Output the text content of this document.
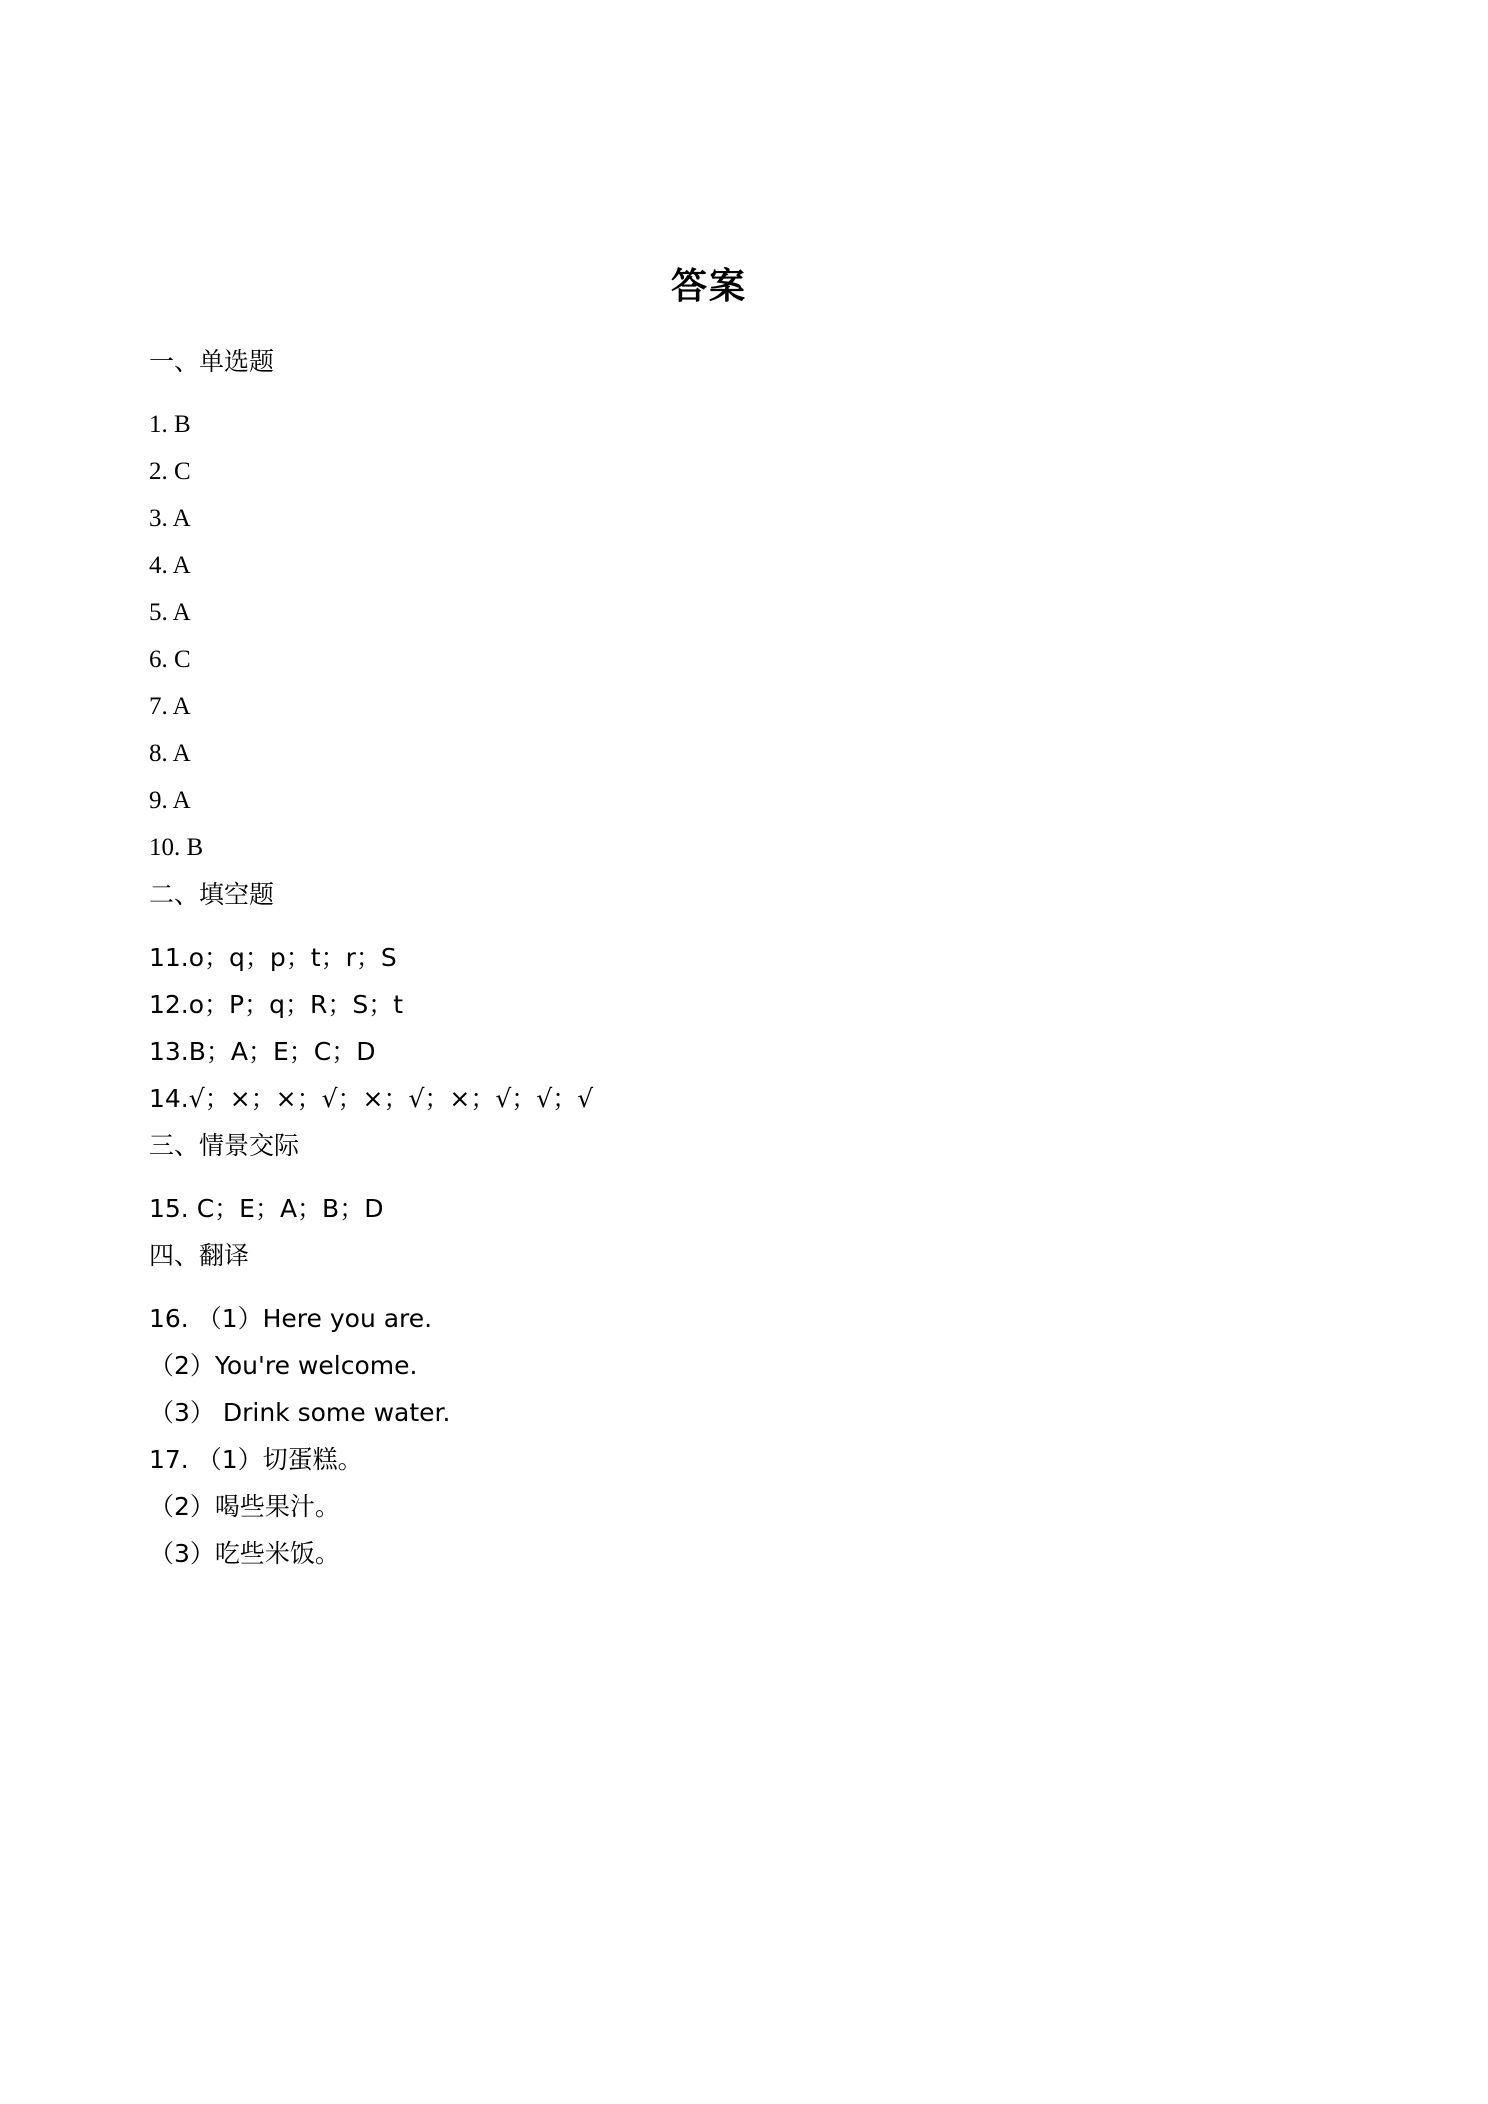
答案
一、单选题
1. B
2. C
3. A
4. A
5. A
6. C
7. A
8. A
9. A
10. B
二、填空题
11.o；q；p；t；r；S
12.o；P；q；R；S；t
13.B；A；E；C；D
14.√；×；×；√；×；√；×；√；√；√
三、情景交际
15. C；E；A；B；D
四、翻译
16. （1）Here you are.
（2）You're welcome.
（3） Drink some water.
17. （1）切蛋糕。
（2）喝些果汁。
（3）吃些米饭。
